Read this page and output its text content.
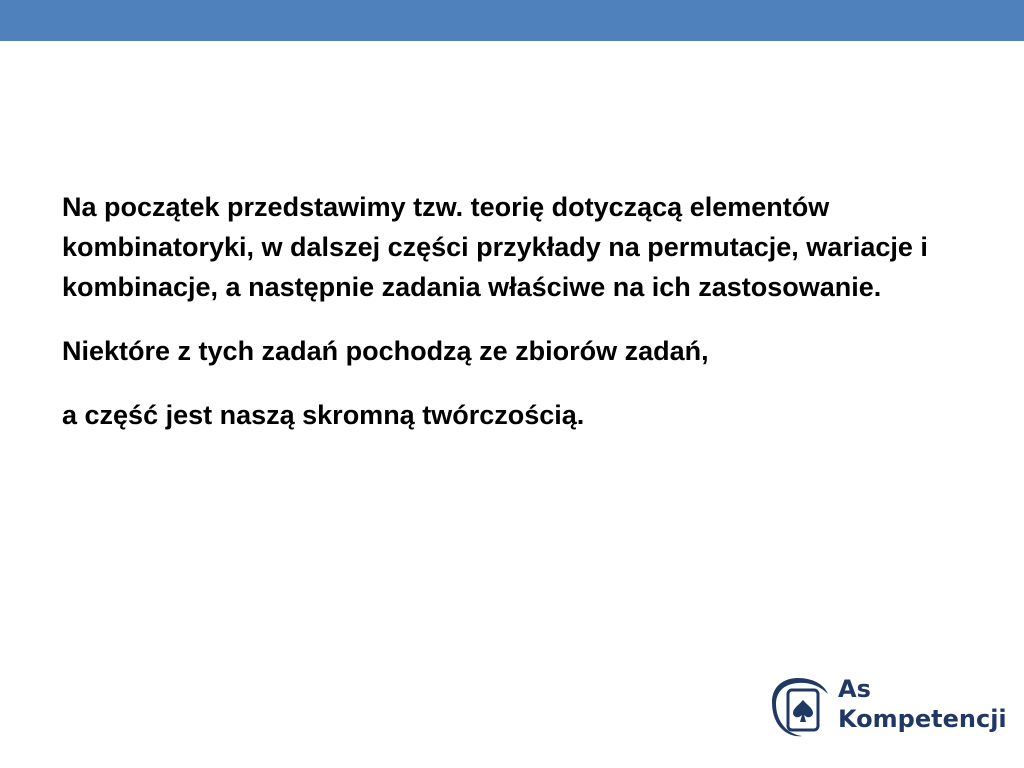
Na początek przedstawimy tzw. teorię dotyczącą elementów kombinatoryki, w dalszej części przykłady na permutacje, wariacje i kombinacje, a następnie zadania właściwe na ich zastosowanie.

Niektóre z tych zadań pochodzą ze zbiorów zadań,

a część jest naszą skromną twórczością.

As
Kompetencji
